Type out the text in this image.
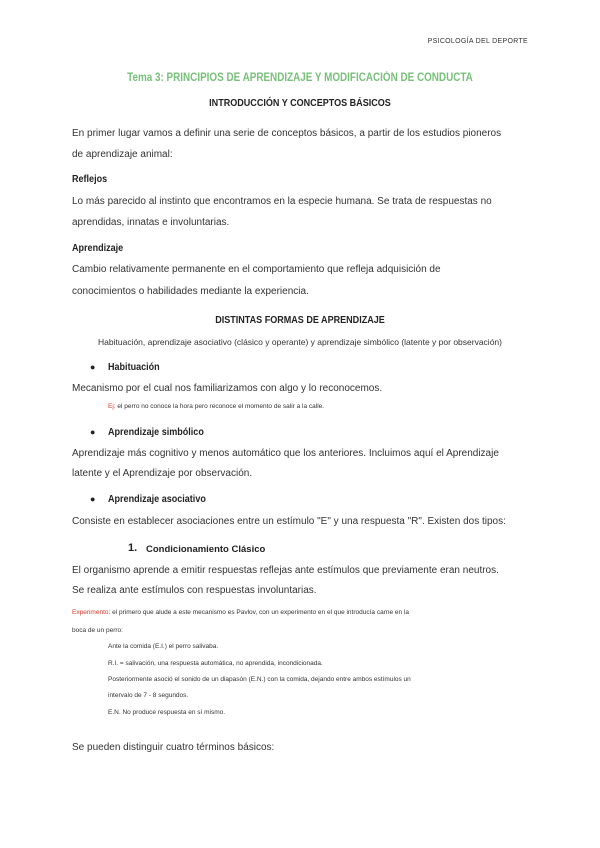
PSICOLOGÍA DEL DEPORTE
Tema 3: PRINCIPIOS DE APRENDIZAJE Y MODIFICACIÓN DE CONDUCTA
INTRODUCCIÓN Y CONCEPTOS BÁSICOS
En primer lugar vamos a definir una serie de conceptos básicos, a partir de los estudios pioneros
de aprendizaje animal:
Reflejos
Lo más parecido al instinto que encontramos en la especie humana. Se trata de respuestas no
aprendidas, innatas e involuntarias.
Aprendizaje
Cambio relativamente permanente en el comportamiento que refleja adquisición de
conocimientos o habilidades mediante la experiencia.
DISTINTAS FORMAS DE APRENDIZAJE
Habituación, aprendizaje asociativo (clásico y operante) y aprendizaje simbólico (latente y por observación)
● Habituación
Mecanismo por el cual nos familiarizamos con algo y lo reconocemos.
Ej: el perro no conoce la hora pero reconoce el momento de salir a la calle.
● Aprendizaje simbólico
Aprendizaje más cognitivo y menos automático que los anteriores. Incluimos aquí el Aprendizaje
latente y el Aprendizaje por observación.
● Aprendizaje asociativo
Consiste en establecer asociaciones entre un estímulo "E" y una respuesta "R". Existen dos tipos:
1. Condicionamiento Clásico
El organismo aprende a emitir respuestas reflejas ante estímulos que previamente eran neutros.
Se realiza ante estímulos con respuestas involuntarias.
Experimento: el primero que alude a este mecanismo es Pavlov, con un experimento en el que introducía carne en la
boca de un perro:
Ante la comida (E.I.) el perro salivaba.
R.I. = salivación, una respuesta automática, no aprendida, incondicionada.
Posteriormente asoció el sonido de un diapasón (E.N.) con la comida, dejando entre ambos estímulos un
intervalo de 7 - 8 segundos.
E.N. No produce respuesta en sí mismo.
Se pueden distinguir cuatro términos básicos:
